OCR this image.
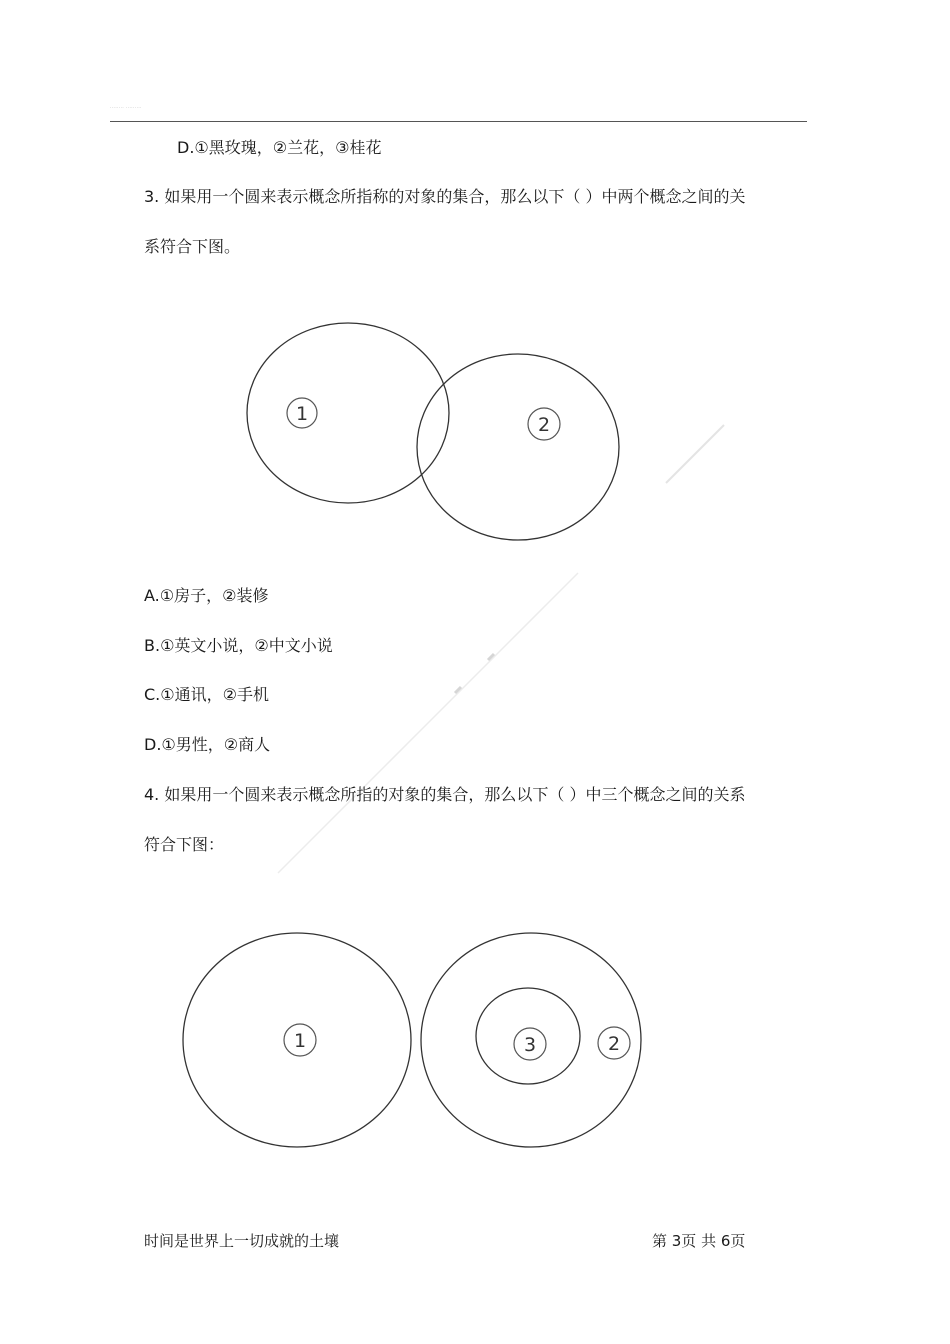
........ .........
D.①黑玫瑰，②兰花，③桂花
3. 如果用一个圆来表示概念所指称的对象的集合，那么以下（ ）中两个概念之间的关
系符合下图。
1	2
A.①房子，②装修
B.①英文小说，②中文小说
C.①通讯，②手机
D.①男性，②商人
4. 如果用一个圆来表示概念所指的对象的集合，那么以下（ ）中三个概念之间的关系
符合下图：
1	3	2
时间是世界上一切成就的土壤	第 3页 共 6页
